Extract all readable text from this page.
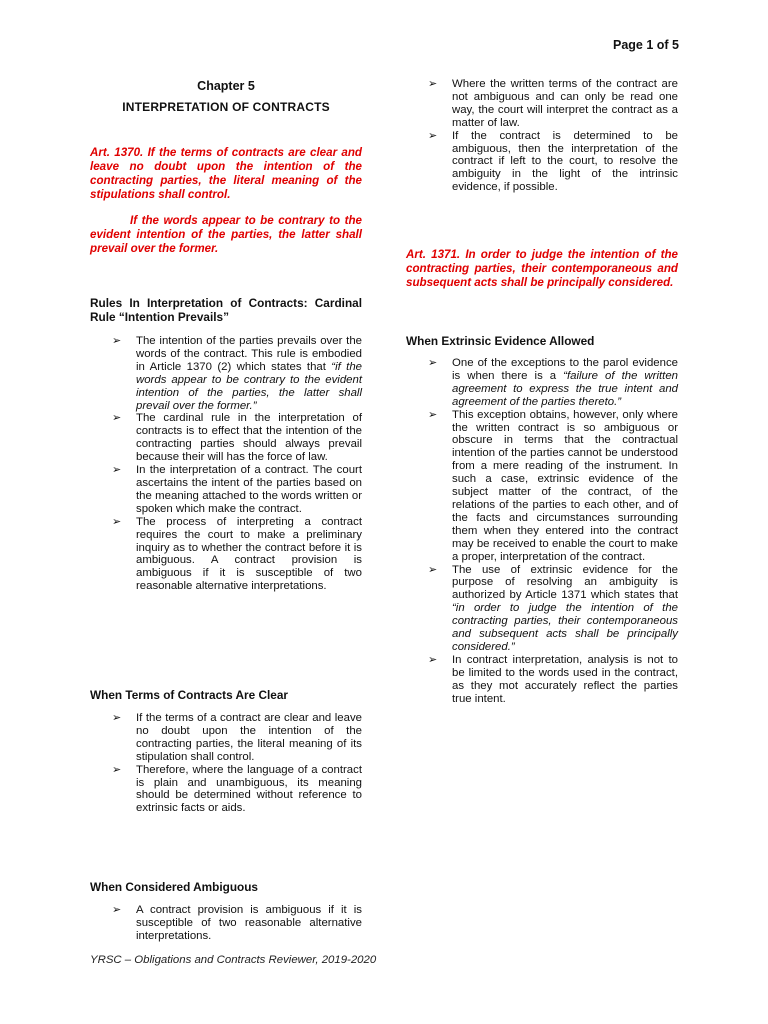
Page 1 of 5
Chapter 5
INTERPRETATION OF CONTRACTS

Art. 1370. If the terms of contracts are clear and leave no doubt upon the intention of the contracting parties, the literal meaning of the stipulations shall control.

If the words appear to be contrary to the evident intention of the parties, the latter shall prevail over the former.

Rules In Interpretation of Contracts: Cardinal Rule “Intention Prevails”
➢ The intention of the parties prevails over the words of the contract. This rule is embodied in Article 1370 (2) which states that “if the words appear to be contrary to the evident intention of the parties, the latter shall prevail over the former.”
➢ The cardinal rule in the interpretation of contracts is to effect that the intention of the contracting parties should always prevail because their will has the force of law.
➢ In the interpretation of a contract. The court ascertains the intent of the parties based on the meaning attached to the words written or spoken which make the contract.
➢ The process of interpreting a contract requires the court to make a preliminary inquiry as to whether the contract before it is ambiguous. A contract provision is ambiguous if it is susceptible of two reasonable alternative interpretations.
When Terms of Contracts Are Clear
➢ If the terms of a contract are clear and leave no doubt upon the intention of the contracting parties, the literal meaning of its stipulation shall control.
➢ Therefore, where the language of a contract is plain and unambiguous, its meaning should be determined without reference to extrinsic facts or aids.
When Considered Ambiguous
➢ A contract provision is ambiguous if it is susceptible of two reasonable alternative interpretations.
➢ Where the written terms of the contract are not ambiguous and can only be read one way, the court will interpret the contract as a matter of law.
➢ If the contract is determined to be ambiguous, then the interpretation of the contract if left to the court, to resolve the ambiguity in the light of the intrinsic evidence, if possible.
Art. 1371. In order to judge the intention of the contracting parties, their contemporaneous and subsequent acts shall be principally considered.
When Extrinsic Evidence Allowed
➢ One of the exceptions to the parol evidence is when there is a “failure of the written agreement to express the true intent and agreement of the parties thereto.”
➢ This exception obtains, however, only where the written contract is so ambiguous or obscure in terms that the contractual intention of the parties cannot be understood from a mere reading of the instrument. In such a case, extrinsic evidence of the subject matter of the contract, of the relations of the parties to each other, and of the facts and circumstances surrounding them when they entered into the contract may be received to enable the court to make a proper, interpretation of the contract.
➢ The use of extrinsic evidence for the purpose of resolving an ambiguity is authorized by Article 1371 which states that “in order to judge the intention of the contracting parties, their contemporaneous and subsequent acts shall be principally considered.”
➢ In contract interpretation, analysis is not to be limited to the words used in the contract, as they mot accurately reflect the parties true intent.
YRSC – Obligations and Contracts Reviewer, 2019-2020
